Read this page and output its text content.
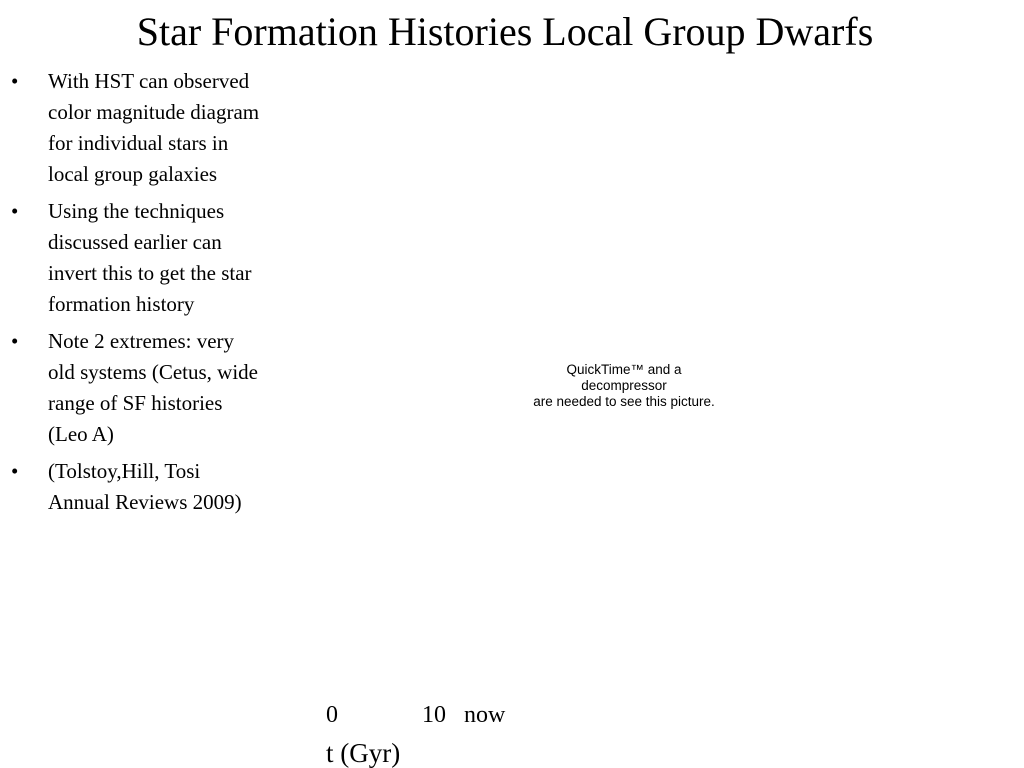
Star Formation Histories Local Group Dwarfs
• With HST can observed color magnitude diagram for individual stars in local group galaxies
• Using the techniques discussed earlier can invert this to get the star formation history
• Note 2 extremes: very old systems (Cetus, wide range of SF histories (Leo A)
• (Tolstoy,Hill, Tosi Annual Reviews 2009)
QuickTime™ and a
decompressor
are needed to see this picture.
0              10   now
t (Gyr)
